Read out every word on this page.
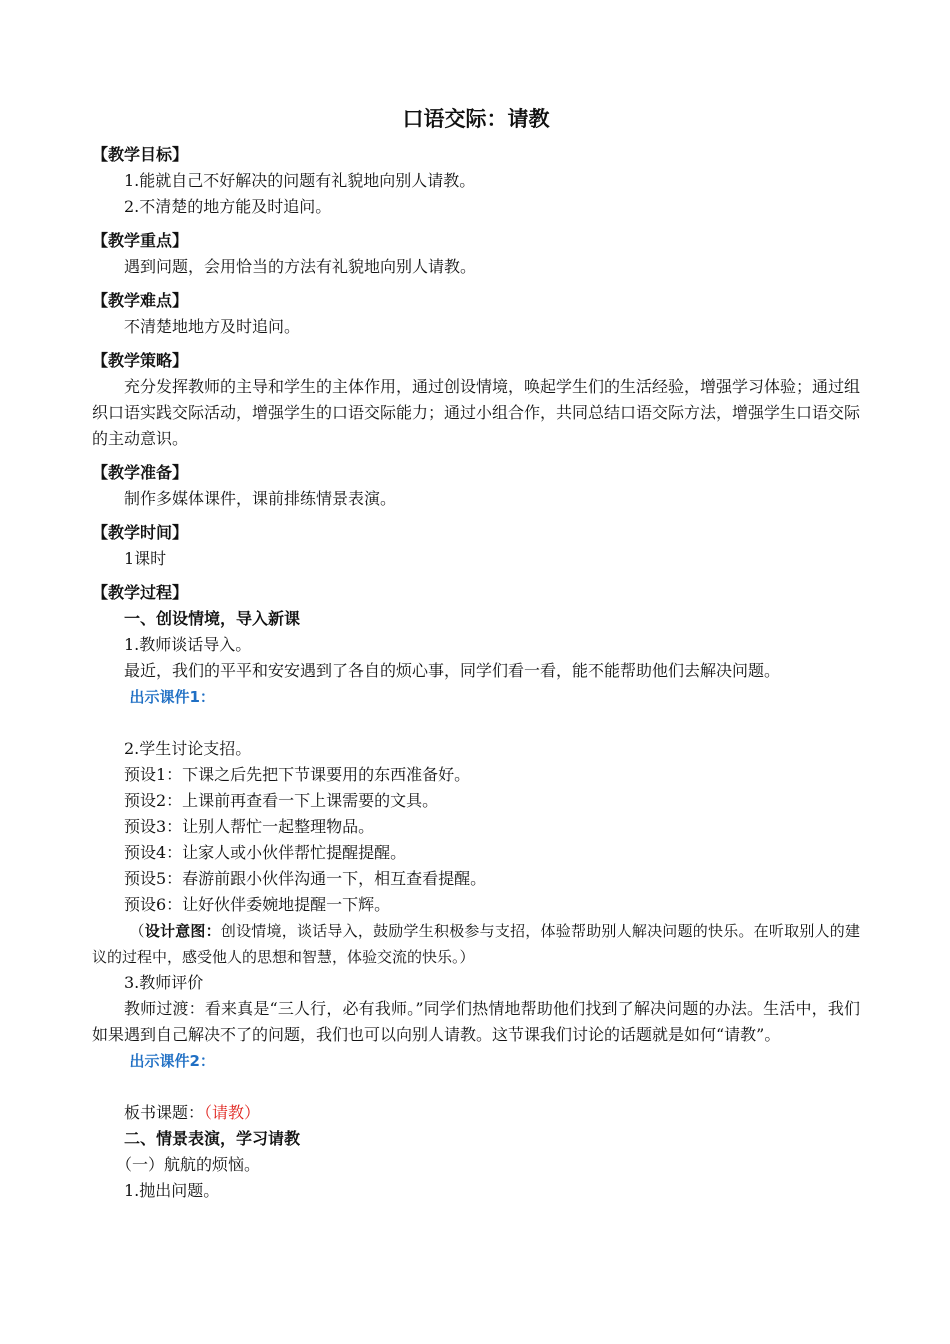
口语交际：请教
【教学目标】
1.能就自己不好解决的问题有礼貌地向别人请教。
2.不清楚的地方能及时追问。
【教学重点】
遇到问题，会用恰当的方法有礼貌地向别人请教。
【教学难点】
不清楚地地方及时追问。
【教学策略】
充分发挥教师的主导和学生的主体作用，通过创设情境，唤起学生们的生活经验，增强学习体验；通过组织口语实践交际活动，增强学生的口语交际能力；通过小组合作，共同总结口语交际方法，增强学生口语交际的主动意识。
【教学准备】
制作多媒体课件，课前排练情景表演。
【教学时间】
1课时
【教学过程】
一、创设情境，导入新课
1.教师谈话导入。
最近，我们的平平和安安遇到了各自的烦心事，同学们看一看，能不能帮助他们去解决问题。
出示课件1：
2.学生讨论支招。
预设1：下课之后先把下节课要用的东西准备好。
预设2：上课前再查看一下上课需要的文具。
预设3：让别人帮忙一起整理物品。
预设4：让家人或小伙伴帮忙提醒提醒。
预设5：春游前跟小伙伴沟通一下，相互查看提醒。
预设6：让好伙伴委婉地提醒一下辉。
（设计意图：创设情境，谈话导入，鼓励学生积极参与支招，体验帮助别人解决问题的快乐。在听取别人的建议的过程中，感受他人的思想和智慧，体验交流的快乐。）
3.教师评价
教师过渡：看来真是“三人行，必有我师。”同学们热情地帮助他们找到了解决问题的办法。生活中，我们如果遇到自己解决不了的问题，我们也可以向别人请教。这节课我们讨论的话题就是如何“请教”。
出示课件2：
板书课题：（请教）
二、情景表演，学习请教
（一）航航的烦恼。
1.抛出问题。
